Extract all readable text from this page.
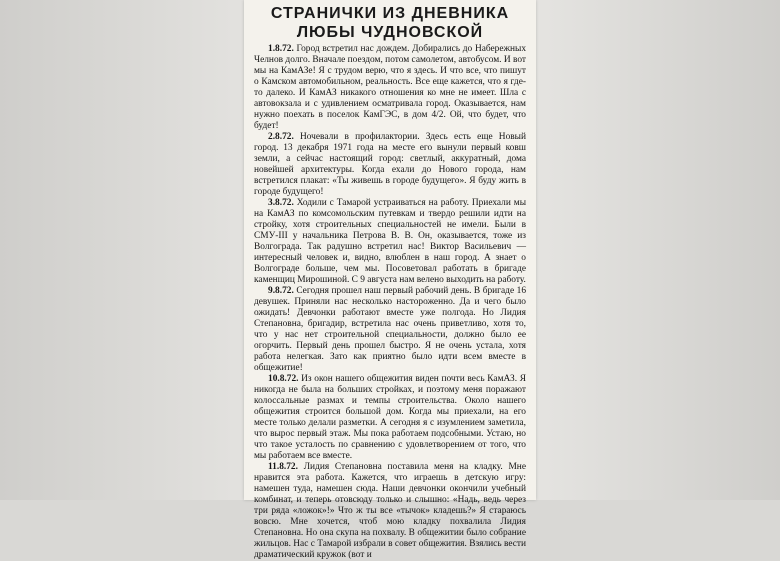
СТРАНИЧКИ ИЗ ДНЕВНИКА
ЛЮБЫ ЧУДНОВСКОЙ

1.8.72. Город встретил нас дождем. Добирались до Набережных Челнов долго. Вначале поездом, потом самолетом, автобусом. И вот мы на КамАЗе! Я с трудом верю, что я здесь. И что все, что пишут о Камском автомобильном, реальность. Все еще кажется, что я где-то далеко. И КамАЗ никакого отношения ко мне не имеет. Шла с автовокзала и с удивлением осматривала город. Оказывается, нам нужно поехать в поселок КамГЭС, в дом 4/2. Ой, что будет, что будет!

2.8.72. Ночевали в профилактории. Здесь есть еще Новый город. 13 декабря 1971 года на месте его вынули первый ковш земли, а сейчас настоящий город: светлый, аккуратный, дома новейшей архитектуры. Когда ехали до Нового города, нам встретился плакат: «Ты живешь в городе будущего». Я буду жить в городе будущего!

3.8.72. Ходили с Тамарой устраиваться на работу. Приехали мы на КамАЗ по комсомольским путевкам и твердо решили идти на стройку, хотя строительных специальностей не имели. Были в СМУ-III у начальника Петрова В. В. Он, оказывается, тоже из Волгограда. Так радушно встретил нас! Виктор Васильевич — интересный человек и, видно, влюблен в наш город. А знает о Волгограде больше, чем мы. Посоветовал работать в бригаде каменщиц Мирошиной. С 9 августа нам велено выходить на работу.

9.8.72. Сегодня прошел наш первый рабочий день. В бригаде 16 девушек. Приняли нас несколько настороженно. Да и чего было ожидать! Девчонки работают вместе уже полгода. Но Лидия Степановна, бригадир, встретила нас очень приветливо, хотя то, что у нас нет строительной специальности, должно было ее огорчить. Первый день прошел быстро. Я не очень устала, хотя работа нелегкая. Зато как приятно было идти всем вместе в общежитие!

10.8.72. Из окон нашего общежития виден почти весь КамАЗ. Я никогда не была на больших стройках, и поэтому меня поражают колоссальные размах и темпы строительства. Около нашего общежития строится большой дом. Когда мы приехали, на его месте только делали разметки. А сегодня я с изумлением заметила, что вырос первый этаж. Мы пока работаем подсобными. Устаю, но что такое усталость по сравнению с удовлетворением от того, что мы работаем все вместе.

11.8.72. Лидия Степановна поставила меня на кладку. Мне нравится эта работа. Кажется, что играешь в детскую игру: намешен туда, намешен сюда. Наши девчонки окончили учебный комбинат, и теперь отовсюду только и слышно: «Надь, ведь через три ряда «ложок»!» Что ж ты все «тычок» кладешь?» Я стараюсь вовсю. Мне хочется, чтоб мою кладку похвалила Лидия Степановна. Но она скупа на похвалу. В общежитии было собрание жильцов. Нас с Тамарой избрали в совет общежития. Взялись вести драматический кружок (вот и
